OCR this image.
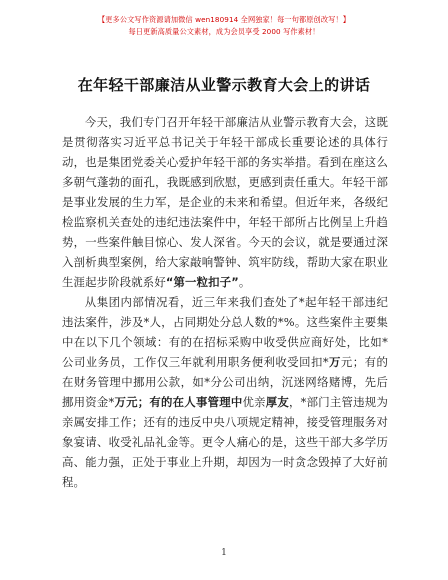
【更多公文写作资源请加微信 wen180914 全网独家！每一句都原创改写！】
每日更新高质量公文素材，成为会员享受 2000 写作素材！
在年轻干部廉洁从业警示教育大会上的讲话

今天，我们专门召开年轻干部廉洁从业警示教育大会，这既是贯彻落实习近平总书记关于年轻干部成长重要论述的具体行动，也是集团党委关心爱护年轻干部的务实举措。看到在座这么多朝气蓬勃的面孔，我既感到欣慰，更感到责任重大。年轻干部是事业发展的生力军，是企业的未来和希望。但近年来，各级纪检监察机关查处的违纪违法案件中，年轻干部所占比例呈上升趋势，一些案件触目惊心、发人深省。今天的会议，就是要通过深入剖析典型案例，给大家敲响警钟、筑牢防线，帮助大家在职业生涯起步阶段就系好“第一粒扣子”。

从集团内部情况看，近三年来我们查处了*起年轻干部违纪违法案件，涉及*人，占同期处分总人数的*%。这些案件主要集中在以下几个领域：有的在招标采购中收受供应商好处，比如*公司业务员，工作仅三年就利用职务便利收受回扣*万元；有的在财务管理中挪用公款，如*分公司出纳，沉迷网络赌博，先后挪用资金*万元；有的在人事管理中优亲厚友，*部门主管违规为亲属安排工作；还有的违反中央八项规定精神，接受管理服务对象宴请、收受礼品礼金等。更令人痛心的是，这些干部大多学历高、能力强，正处于事业上升期，却因为一时贪念毁掉了大好前程。

1
